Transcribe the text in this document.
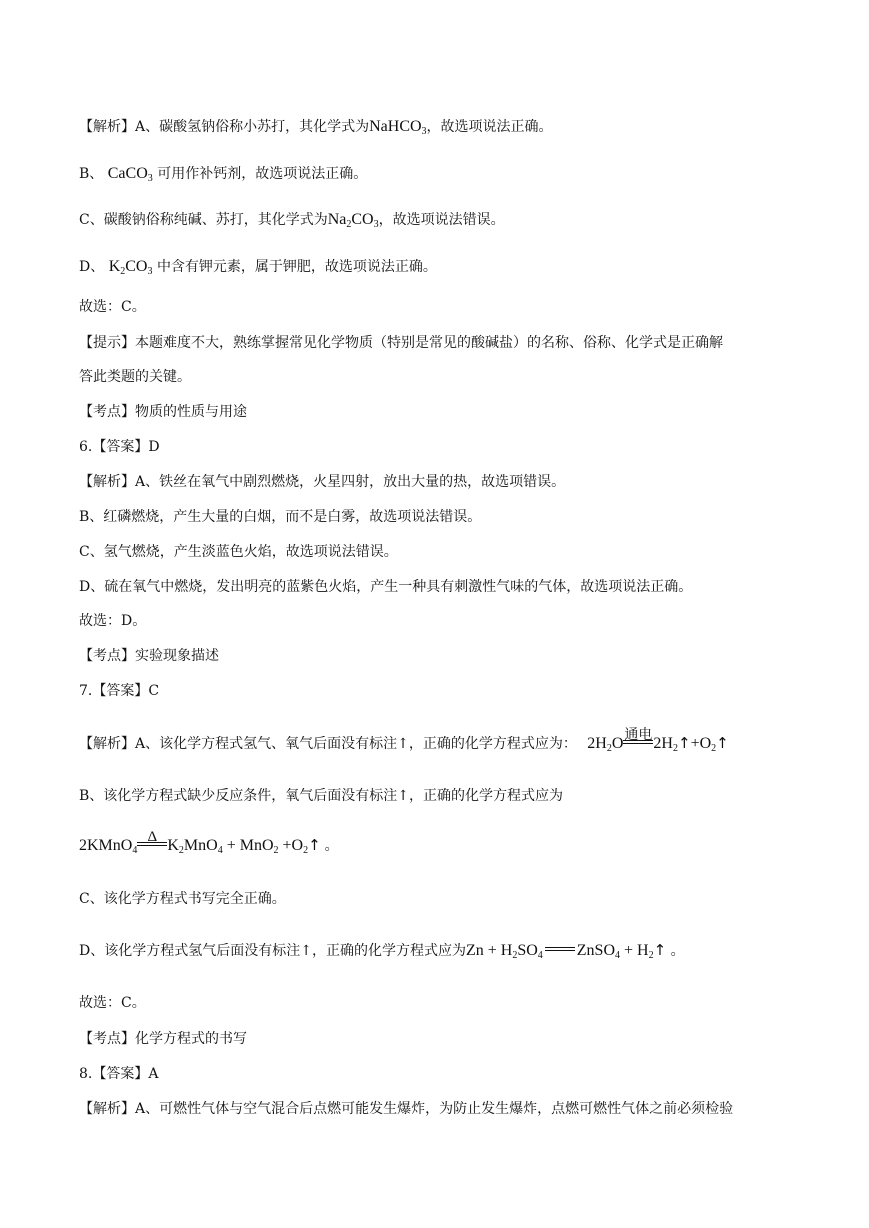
【解析】A、碳酸氢钠俗称小苏打，其化学式为NaHCO$_3$，故选项说法正确。
B、 CaCO$_3$ 可用作补钙剂，故选项说法正确。
C、碳酸钠俗称纯碱、苏打，其化学式为$Na_2CO_3$，故选项说法错误。
D、 $K_2CO_3$ 中含有钾元素，属于钾肥，故选项说法正确。
故选：C。
【提示】本题难度不大，熟练掌握常见化学物质（特别是常见的酸碱盐）的名称、俗称、化学式是正确解
答此类题的关键。
【考点】物质的性质与用途
6.【答案】D
【解析】A、铁丝在氧气中剧烈燃烧，火星四射，放出大量的热，故选项错误。
B、红磷燃烧，产生大量的白烟，而不是白雾，故选项说法错误。
C、氢气燃烧，产生淡蓝色火焰，故选项说法错误。
D、硫在氧气中燃烧，发出明亮的蓝紫色火焰，产生一种具有刺激性气味的气体，故选项说法正确。
故选：D。
【考点】实验现象描述
7.【答案】C
【解析】A、该化学方程式氢气、氧气后面没有标注↑，正确的化学方程式应为： $2H_2O$ 通电 $2H_2↑+O_2↑$
B、该化学方程式缺少反应条件，氧气后面没有标注↑，正确的化学方程式应为
2KMnO$_4$
Δ $K_2MnO_4 + MnO_2$ $+O_2↑$ 。
C、该化学方程式书写完全正确。
D、该化学方程式氢气后面没有标注↑，正确的化学方程式应为$Zn + H_2SO_4$ ZnSO$_4$ + $H_2↑$ 。
故选：C。
【考点】化学方程式的书写
8.【答案】A
【解析】A、可燃性气体与空气混合后点燃可能发生爆炸，为防止发生爆炸，点燃可燃性气体之前必须检验
